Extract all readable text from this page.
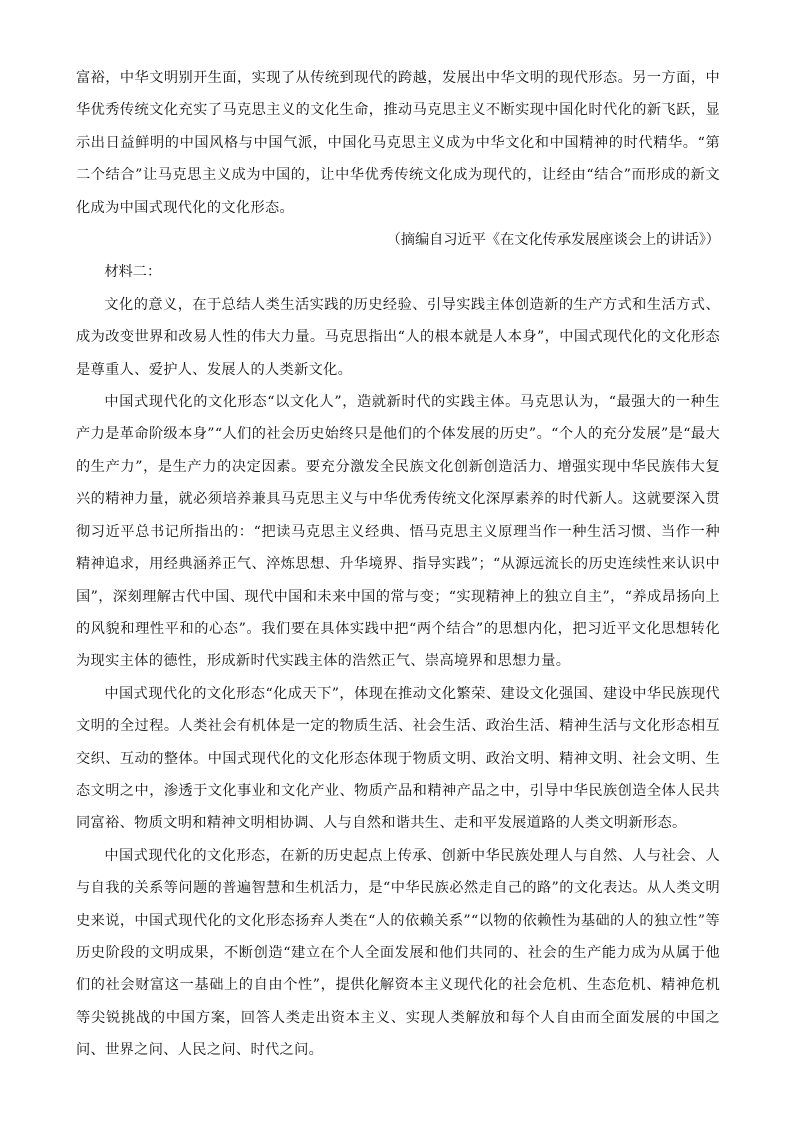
富裕，中华文明别开生面，实现了从传统到现代的跨越，发展出中华文明的现代形态。另一方面，中华优秀传统文化充实了马克思主义的文化生命，推动马克思主义不断实现中国化时代化的新飞跃，显示出日益鲜明的中国风格与中国气派，中国化马克思主义成为中华文化和中国精神的时代精华。“第二个结合”让马克思主义成为中国的，让中华优秀传统文化成为现代的，让经由“结合”而形成的新文化成为中国式现代化的文化形态。

（摘编自习近平《在文化传承发展座谈会上的讲话》）

材料二：

文化的意义，在于总结人类生活实践的历史经验、引导实践主体创造新的生产方式和生活方式、成为改变世界和改易人性的伟大力量。马克思指出“人的根本就是人本身”，中国式现代化的文化形态是尊重人、爱护人、发展人的人类新文化。

中国式现代化的文化形态“以文化人”，造就新时代的实践主体。马克思认为，“最强大的一种生产力是革命阶级本身”“人们的社会历史始终只是他们的个体发展的历史”。“个人的充分发展”是“最大的生产力”，是生产力的决定因素。要充分激发全民族文化创新创造活力、增强实现中华民族伟大复兴的精神力量，就必须培养兼具马克思主义与中华优秀传统文化深厚素养的时代新人。这就要深入贯彻习近平总书记所指出的：“把读马克思主义经典、悟马克思主义原理当作一种生活习惯、当作一种精神追求，用经典涵养正气、淬炼思想、升华境界、指导实践”；“从源远流长的历史连续性来认识中国”，深刻理解古代中国、现代中国和未来中国的常与变；“实现精神上的独立自主”，“养成昂扬向上的风貌和理性平和的心态”。我们要在具体实践中把“两个结合”的思想内化，把习近平文化思想转化为现实主体的德性，形成新时代实践主体的浩然正气、崇高境界和思想力量。

中国式现代化的文化形态“化成天下”，体现在推动文化繁荣、建设文化强国、建设中华民族现代文明的全过程。人类社会有机体是一定的物质生活、社会生活、政治生活、精神生活与文化形态相互交织、互动的整体。中国式现代化的文化形态体现于物质文明、政治文明、精神文明、社会文明、生态文明之中，渗透于文化事业和文化产业、物质产品和精神产品之中，引导中华民族创造全体人民共同富裕、物质文明和精神文明相协调、人与自然和谐共生、走和平发展道路的人类文明新形态。

中国式现代化的文化形态，在新的历史起点上传承、创新中华民族处理人与自然、人与社会、人与自我的关系等问题的普遍智慧和生机活力，是“中华民族必然走自己的路”的文化表达。从人类文明史来说，中国式现代化的文化形态扬弃人类在“人的依赖关系”“以物的依赖性为基础的人的独立性”等历史阶段的文明成果，不断创造“建立在个人全面发展和他们共同的、社会的生产能力成为从属于他们的社会财富这一基础上的自由个性”，提供化解资本主义现代化的社会危机、生态危机、精神危机等尖锐挑战的中国方案，回答人类走出资本主义、实现人类解放和每个人自由而全面发展的中国之问、世界之问、人民之问、时代之问。
